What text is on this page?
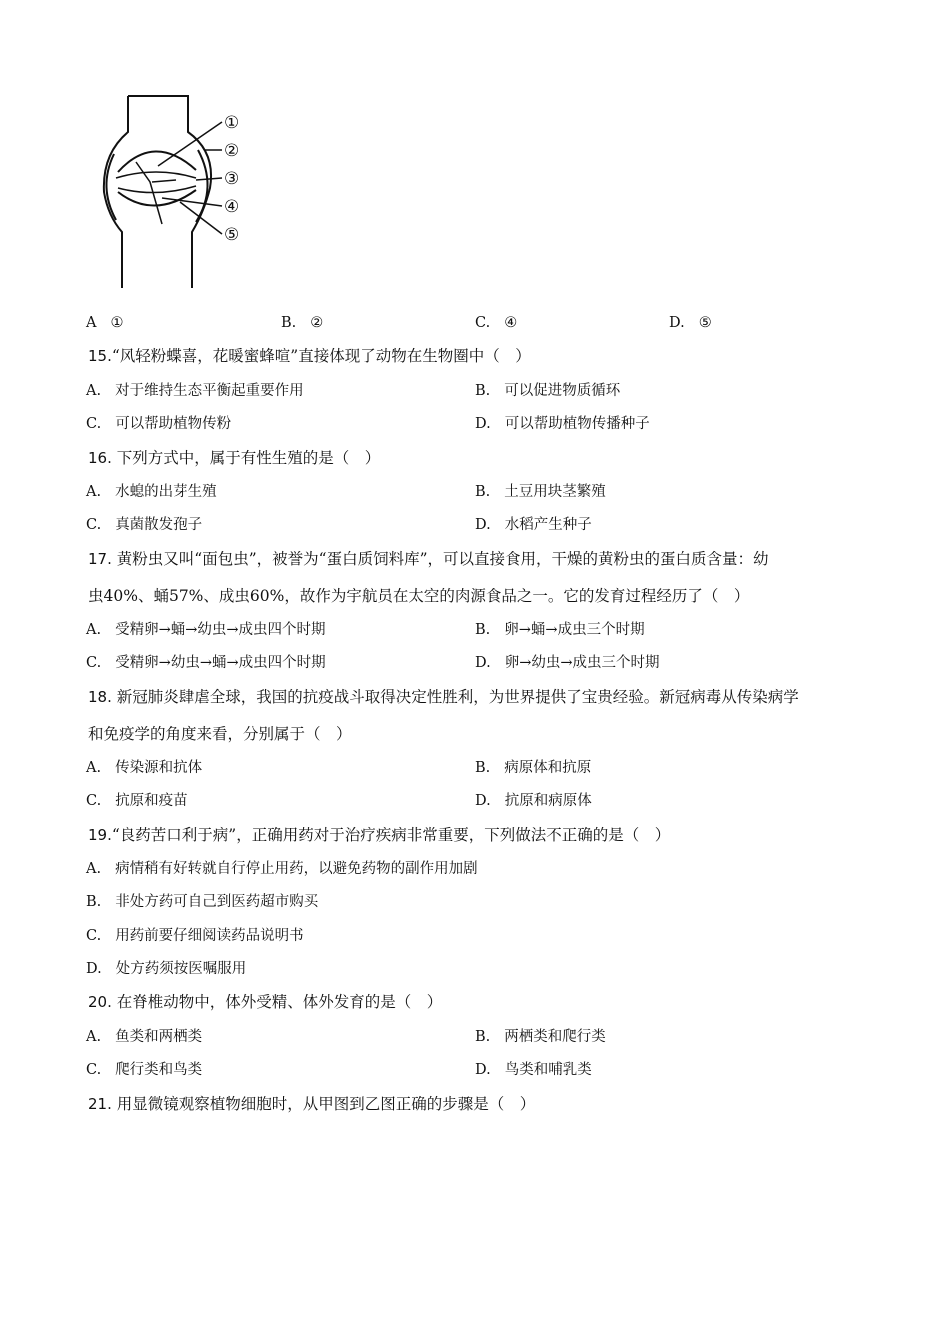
①
②
③
④
⑤
A ①	B. ②	C. ④	D. ⑤
15.“风轻粉蝶喜，花暖蜜蜂喧”直接体现了动物在生物圈中（　）
A. 对于维持生态平衡起重要作用	B. 可以促进物质循环
C. 可以帮助植物传粉	D. 可以帮助植物传播种子
16. 下列方式中，属于有性生殖的是（　）
A. 水螅的出芽生殖	B. 土豆用块茎繁殖
C. 真菌散发孢子	D. 水稻产生种子
17. 黄粉虫又叫“面包虫”，被誉为“蛋白质饲料库”，可以直接食用，干燥的黄粉虫的蛋白质含量：幼
虫40%、蛹57%、成虫60%，故作为宇航员在太空的肉源食品之一。它的发育过程经历了（　）
A. 受精卵→蛹→幼虫→成虫四个时期	B. 卵→蛹→成虫三个时期
C. 受精卵→幼虫→蛹→成虫四个时期	D. 卵→幼虫→成虫三个时期
18. 新冠肺炎肆虐全球，我国的抗疫战斗取得决定性胜利，为世界提供了宝贵经验。新冠病毒从传染病学
和免疫学的角度来看，分别属于（　）
A. 传染源和抗体	B. 病原体和抗原
C. 抗原和疫苗	D. 抗原和病原体
19.“良药苦口利于病”，正确用药对于治疗疾病非常重要，下列做法不正确的是（　）
A. 病情稍有好转就自行停止用药，以避免药物的副作用加剧
B. 非处方药可自己到医药超市购买
C. 用药前要仔细阅读药品说明书
D. 处方药须按医嘱服用
20. 在脊椎动物中，体外受精、体外发育的是（　）
A. 鱼类和两栖类	B. 两栖类和爬行类
C. 爬行类和鸟类	D. 鸟类和哺乳类
21. 用显微镜观察植物细胞时，从甲图到乙图正确的步骤是（　）
